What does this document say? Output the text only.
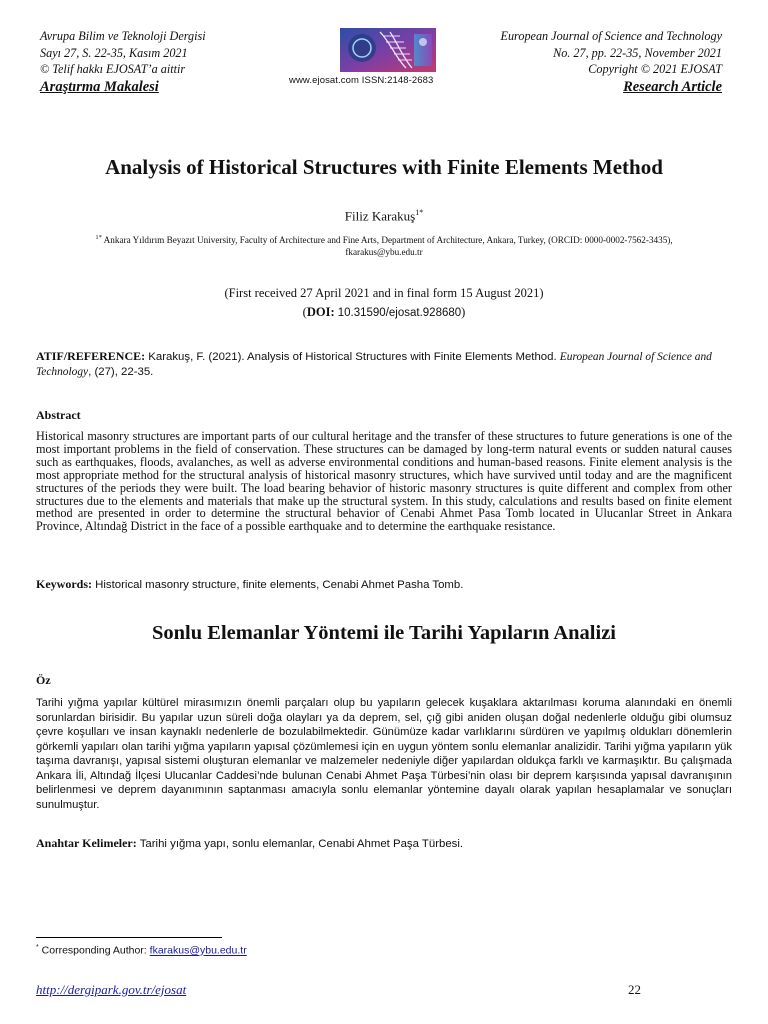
Avrupa Bilim ve Teknoloji Dergisi
Sayı 27, S. 22-35, Kasım 2021
© Telif hakkı EJOSAT’a aittir
Araştırma Makalesi	www.ejosat.com ISSN:2148-2683
European Journal of Science and Technology
No. 27, pp. 22-35, November 2021
Copyright © 2021 EJOSAT
Research Article
Analysis of Historical Structures with Finite Elements Method
Filiz Karakuş$^{1*}$
$^{1*}$ Ankara Yıldırım Beyazıt University, Faculty of Architecture and Fine Arts, Department of Architecture, Ankara, Turkey, (ORCID: 0000-0002-7562-3435),
fkarakus@ybu.edu.tr
(First received 27 April 2021 and in final form 15 August 2021)
(DOI: 10.31590/ejosat.928680)
ATIF/REFERENCE: Karakuş, F. (2021). Analysis of Historical Structures with Finite Elements Method. European Journal of Science and Technology, (27), 22-35.
Abstract
Historical masonry structures are important parts of our cultural heritage and the transfer of these structures to future generations is one of the most important problems in the field of conservation. These structures can be damaged by long-term natural events or sudden natural causes such as earthquakes, floods, avalanches, as well as adverse environmental conditions and human-based reasons. Finite element analysis is the most appropriate method for the structural analysis of historical masonry structures, which have survived until today and are the magnificent structures of the periods they were built. The load bearing behavior of historic masonry structures is quite different and complex from other structures due to the elements and materials that make up the structural system. In this study, calculations and results based on finite element method are presented in order to determine the structural behavior of Cenabi Ahmet Pasa Tomb located in Ulucanlar Street in Ankara Province, Altındağ District in the face of a possible earthquake and to determine the earthquake resistance.
Keywords: Historical masonry structure, finite elements, Cenabi Ahmet Pasha Tomb.
Sonlu Elemanlar Yöntemi ile Tarihi Yapıların Analizi
Öz
Tarihi yığma yapılar kültürel mirasımızın önemli parçaları olup bu yapıların gelecek kuşaklara aktarılması koruma alanındaki en önemli sorunlardan birisidir. Bu yapılar uzun süreli doğa olayları ya da deprem, sel, çığ gibi aniden oluşan doğal nedenlerle olduğu gibi olumsuz çevre koşulları ve insan kaynaklı nedenlerle de bozulabilmektedir. Günümüze kadar varlıklarını sürdüren ve yapılmış oldukları dönemlerin görkemli yapıları olan tarihi yığma yapıların yapısal çözümlemesi için en uygun yöntem sonlu elemanlar analizidir. Tarihi yığma yapıların yük taşıma davranışı, yapısal sistemi oluşturan elemanlar ve malzemeler nedeniyle diğer yapılardan oldukça farklı ve karmaşıktır. Bu çalışmada Ankara İli, Altındağ İlçesi Ulucanlar Caddesi’nde bulunan Cenabi Ahmet Paşa Türbesi’nin olası bir deprem karşısında yapısal davranışının belirlenmesi ve deprem dayanımının saptanması amacıyla sonlu elemanlar yöntemine dayalı olarak yapılan hesaplamalar ve sonuçları sunulmuştur.
Anahtar Kelimeler: Tarihi yığma yapı, sonlu elemanlar, Cenabi Ahmet Paşa Türbesi.
* Corresponding Author: fkarakus@ybu.edu.tr
http://dergipark.gov.tr/ejosat	22
